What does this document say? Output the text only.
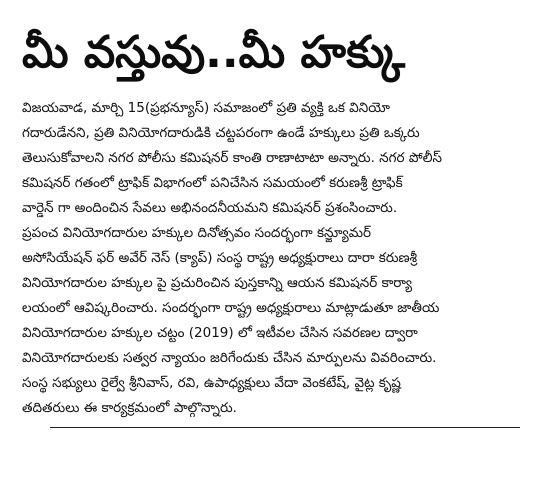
మీ వస్తువు..మీ హక్కు
విజయవాడ, మార్చి 15(ప్రభన్యూస్) సమాజంలో ప్రతి వ్యక్తి ఒక వినియో
గదారుడేనని, ప్రతి వినియోగదారుడికి చట్టపరంగా ఉండే హక్కులు ప్రతి ఒక్కరు
తెలుసుకోవాలని నగర పోలీసు కమిషనర్ కాంతి రాణాటాటా అన్నారు. నగర పోలీస్
కమిషనర్ గతంలో ట్రాఫిక్ విభాగంలో పనిచేసిన సమయంలో కరుణశ్రీ ట్రాఫిక్
వార్డెన్ గా అందించిన సేవలు అభినందనీయమని కమిషనర్ ప్రశంసించారు.
ప్రపంచ వినియోగదారుల హక్కుల దినోత్సవం సందర్భంగా కన్జ్యూమర్
అసోసియేషన్ ఫర్ అవేర్ నెస్ (క్యాప్) సంస్థ రాష్ట్ర అధ్యక్షురాలు దారా కరుణశ్రీ
వినియోగదారుల హక్కుల పై ప్రచురించిన పుస్తకాన్ని ఆయన కమిషనర్ కార్యా
లయంలో ఆవిష్కరించారు. సందర్భంగా రాష్ట్ర అధ్యక్షురాలు మాట్లాడుతూ జాతీయ
వినియోగదారుల హక్కుల చట్టం (2019) లో ఇటీవల చేసిన సవరణల ద్వారా
వినియోగదారులకు సత్వర న్యాయం జరిగేందుకు చేసిన మార్పులను వివరించారు.
సంస్థ సభ్యులు రైల్వే శ్రీనివాస్, రవి, ఉపాధ్యక్షులు వేదా వెంకటేష్, వైట్ల కృష్ణ
తదితరులు ఈ కార్యక్రమంలో పాల్గొన్నారు.
